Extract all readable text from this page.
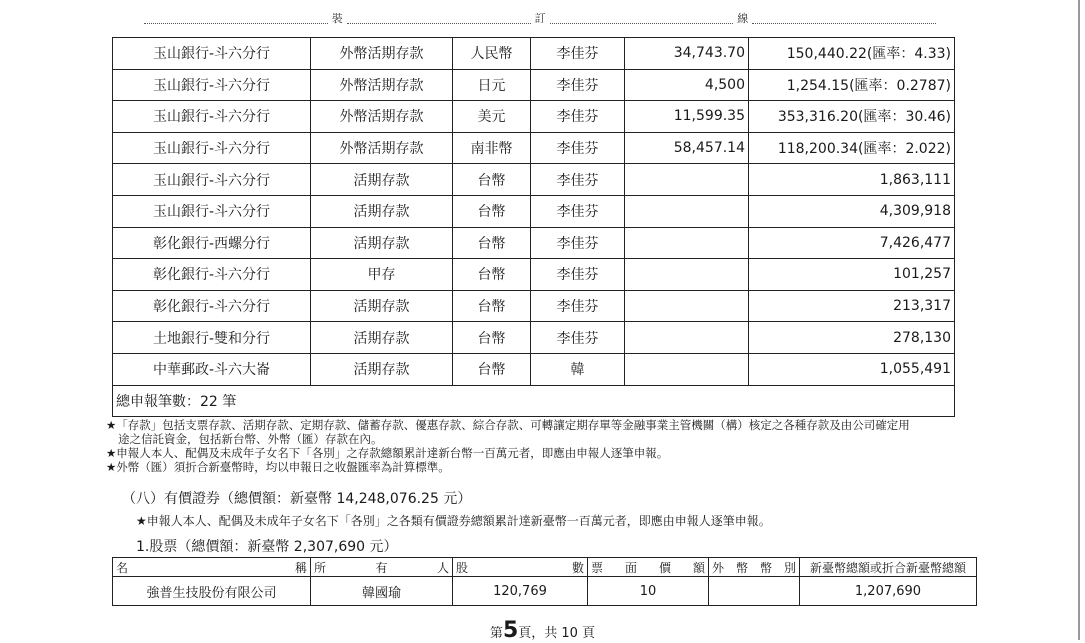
裝	訂	線
玉山銀行-斗六分行	外幣活期存款	人民幣	李佳芬	34,743.70	150,440.22(匯率：4.33)
玉山銀行-斗六分行	外幣活期存款	日元	李佳芬	4,500	1,254.15(匯率：0.2787)
玉山銀行-斗六分行	外幣活期存款	美元	李佳芬	11,599.35	353,316.20(匯率：30.46)
玉山銀行-斗六分行	外幣活期存款	南非幣	李佳芬	58,457.14	118,200.34(匯率：2.022)
玉山銀行-斗六分行	活期存款	台幣	李佳芬		1,863,111
玉山銀行-斗六分行	活期存款	台幣	李佳芬		4,309,918
彰化銀行-西螺分行	活期存款	台幣	李佳芬		7,426,477
彰化銀行-斗六分行	甲存	台幣	李佳芬		101,257
彰化銀行-斗六分行	活期存款	台幣	李佳芬		213,317
土地銀行-雙和分行	活期存款	台幣	李佳芬		278,130
中華郵政-斗六大崙	活期存款	台幣	韓		1,055,491
總申報筆數：22 筆					

★「存款」包括支票存款、活期存款、定期存款、儲蓄存款、優惠存款、綜合存款、可轉讓定期存單等金融事業主管機關（構）核定之各種存款及由公司確定用

途之信託資金，包括新台幣、外幣（匯）存款在內。

★申報人本人、配偶及未成年子女名下「各別」之存款總額累計達新台幣一百萬元者，即應由申報人逐筆申報。

★外幣（匯）須折合新臺幣時，均以申報日之收盤匯率為計算標準。

（八）有價證券（總價額：新臺幣 14,248,076.25 元）
★申報人本人、配偶及未成年子女名下「各別」之各類有價證券總額累計達新臺幣一百萬元者，即應由申報人逐筆申報。
1.股票（總價額：新臺幣 2,307,690 元）
名 稱	所 有 人	股 數	票 面 價 額	外 幣 幣 別	新臺幣總額或折合新臺幣總額
強普生技股份有限公司	韓國瑜	120,769	10		1,207,690
第5頁，共 10 頁
